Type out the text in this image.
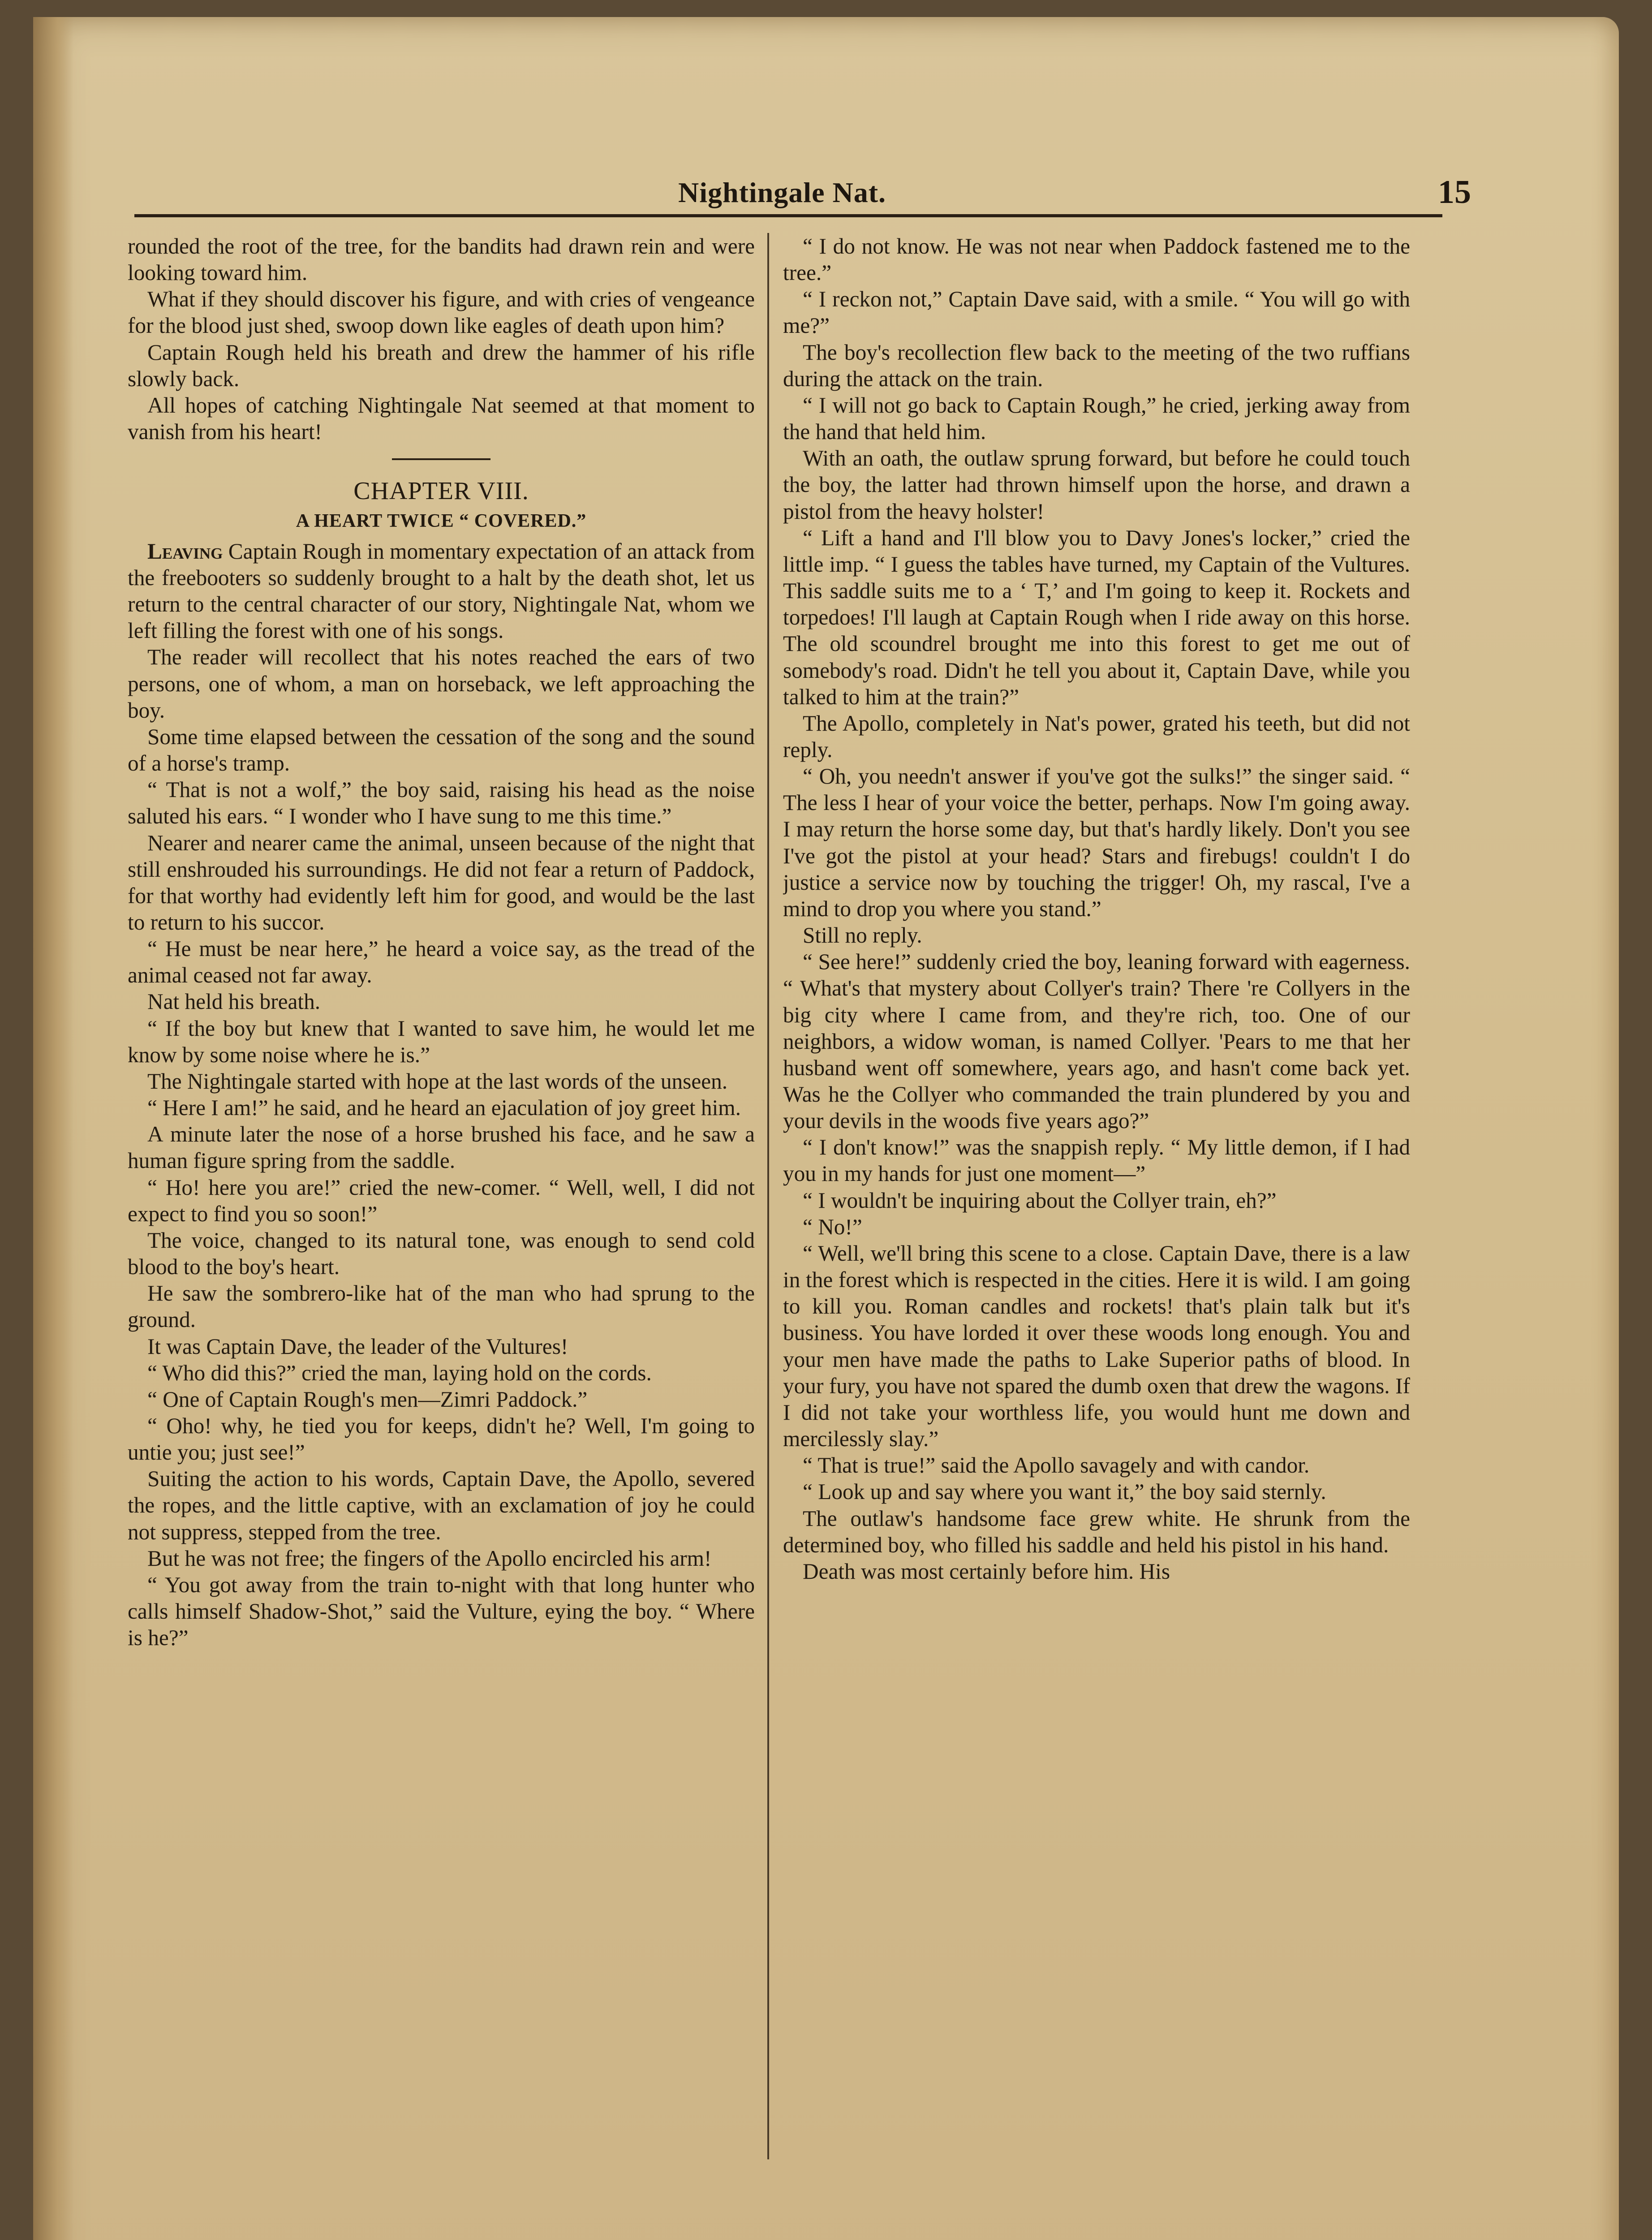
Nightingale Nat.	15

rounded the root of the tree, for the bandits had drawn rein and were looking toward him.

What if they should discover his figure, and with cries of vengeance for the blood just shed, swoop down like eagles of death upon him?

Captain Rough held his breath and drew the hammer of his rifle slowly back.

All hopes of catching Nightingale Nat seemed at that moment to vanish from his heart!

CHAPTER VIII.
A HEART TWICE “ COVERED.”

Leaving Captain Rough in momentary expectation of an attack from the freebooters so suddenly brought to a halt by the death shot, let us return to the central character of our story, Nightingale Nat, whom we left filling the forest with one of his songs.

The reader will recollect that his notes reached the ears of two persons, one of whom, a man on horseback, we left approaching the boy.

Some time elapsed between the cessation of the song and the sound of a horse's tramp.

“ That is not a wolf,” the boy said, raising his head as the noise saluted his ears. “ I wonder who I have sung to me this time.”

Nearer and nearer came the animal, unseen because of the night that still enshrouded his surroundings. He did not fear a return of Paddock, for that worthy had evidently left him for good, and would be the last to return to his succor.

“ He must be near here,” he heard a voice say, as the tread of the animal ceased not far away.

Nat held his breath.

“ If the boy but knew that I wanted to save him, he would let me know by some noise where he is.”

The Nightingale started with hope at the last words of the unseen.

“ Here I am!” he said, and he heard an ejaculation of joy greet him.

A minute later the nose of a horse brushed his face, and he saw a human figure spring from the saddle.

“ Ho! here you are!” cried the new-comer. “ Well, well, I did not expect to find you so soon!”

The voice, changed to its natural tone, was enough to send cold blood to the boy's heart.

He saw the sombrero-like hat of the man who had sprung to the ground.

It was Captain Dave, the leader of the Vultures!

“ Who did this?” cried the man, laying hold on the cords.

“ One of Captain Rough's men—Zimri Paddock.”

“ Oho! why, he tied you for keeps, didn't he? Well, I'm going to untie you; just see!”

Suiting the action to his words, Captain Dave, the Apollo, severed the ropes, and the little captive, with an exclamation of joy he could not suppress, stepped from the tree.

But he was not free; the fingers of the Apollo encircled his arm!

“ You got away from the train to-night with that long hunter who calls himself Shadow-Shot,” said the Vulture, eying the boy. “ Where is he?”

“ I do not know. He was not near when Paddock fastened me to the tree.”

“ I reckon not,” Captain Dave said, with a smile. “ You will go with me?”

The boy's recollection flew back to the meeting of the two ruffians during the attack on the train.

“ I will not go back to Captain Rough,” he cried, jerking away from the hand that held him.

With an oath, the outlaw sprung forward, but before he could touch the boy, the latter had thrown himself upon the horse, and drawn a pistol from the heavy holster!

“ Lift a hand and I'll blow you to Davy Jones's locker,” cried the little imp. “ I guess the tables have turned, my Captain of the Vultures. This saddle suits me to a ‘ T,’ and I'm going to keep it. Rockets and torpedoes! I'll laugh at Captain Rough when I ride away on this horse. The old scoundrel brought me into this forest to get me out of somebody's road. Didn't he tell you about it, Captain Dave, while you talked to him at the train?”

The Apollo, completely in Nat's power, grated his teeth, but did not reply.

“ Oh, you needn't answer if you've got the sulks!” the singer said. “ The less I hear of your voice the better, perhaps. Now I'm going away. I may return the horse some day, but that's hardly likely. Don't you see I've got the pistol at your head? Stars and firebugs! couldn't I do justice a service now by touching the trigger! Oh, my rascal, I've a mind to drop you where you stand.”

Still no reply.

“ See here!” suddenly cried the boy, leaning forward with eagerness. “ What's that mystery about Collyer's train? There 're Collyers in the big city where I came from, and they're rich, too. One of our neighbors, a widow woman, is named Collyer. 'Pears to me that her husband went off somewhere, years ago, and hasn't come back yet. Was he the Collyer who commanded the train plundered by you and your devils in the woods five years ago?”

“ I don't know!” was the snappish reply. “ My little demon, if I had you in my hands for just one moment—”

“ I wouldn't be inquiring about the Collyer train, eh?”

“ No!”

“ Well, we'll bring this scene to a close. Captain Dave, there is a law in the forest which is respected in the cities. Here it is wild. I am going to kill you. Roman candles and rockets! that's plain talk but it's business. You have lorded it over these woods long enough. You and your men have made the paths to Lake Superior paths of blood. In your fury, you have not spared the dumb oxen that drew the wagons. If I did not take your worthless life, you would hunt me down and mercilessly slay.”

“ That is true!” said the Apollo savagely and with candor.

“ Look up and say where you want it,” the boy said sternly.

The outlaw's handsome face grew white. He shrunk from the determined boy, who filled his saddle and held his pistol in his hand.

Death was most certainly before him. His
